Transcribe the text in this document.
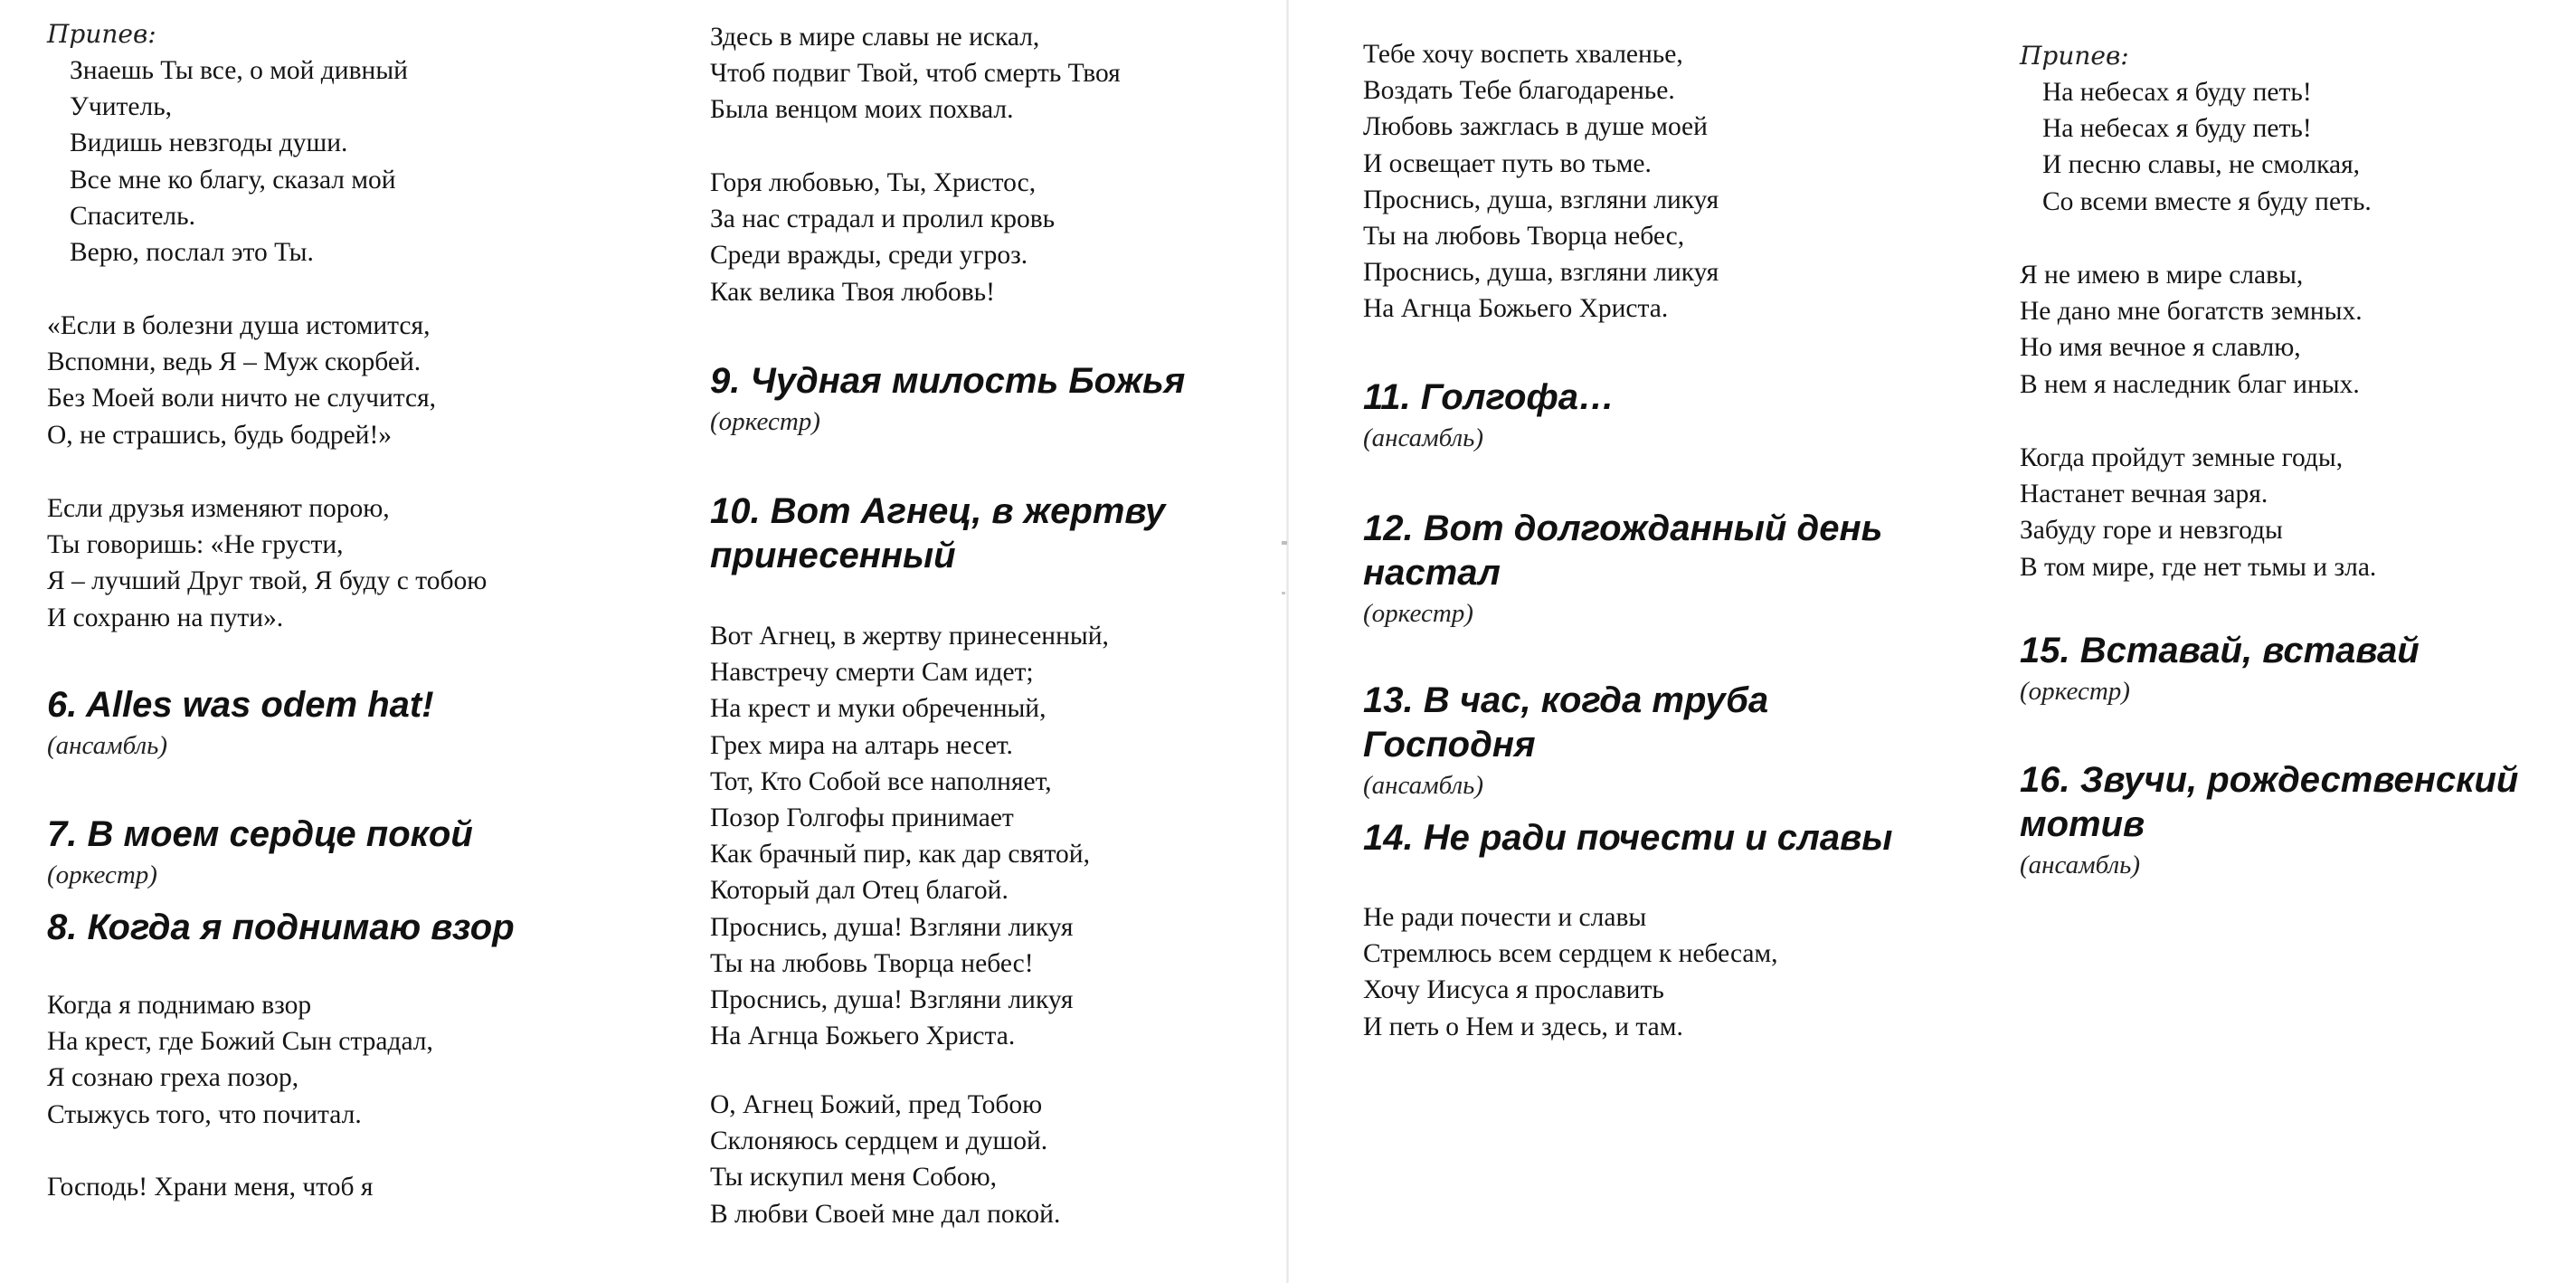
Припев:

Знаешь Ты все, о мой дивный

Учитель,

Видишь невзгоды души.

Все мне ко благу, сказал мой

Спаситель.

Верю, послал это Ты.

«Если в болезни душа истомится,

Вспомни, ведь Я – Муж скорбей.

Без Моей воли ничто не случится,

О, не страшись, будь бодрей!»

Если друзья изменяют порою,

Ты говоришь: «Не грусти,

Я – лучший Друг твой, Я буду с тобою

И сохраню на пути».

6. Alles was odem hat!

(ансамбль)

7. В моем сердце покой

(оркестр)

8. Когда я поднимаю взор

Когда я поднимаю взор

На крест, где Божий Сын страдал,

Я сознаю греха позор,

Стыжусь того, что почитал.

Господь! Храни меня, чтоб я

Здесь в мире славы не искал,

Чтоб подвиг Твой, чтоб смерть Твоя

Была венцом моих похвал.

Горя любовью, Ты, Христос,

За нас страдал и пролил кровь

Среди вражды, среди угроз.

Как велика Твоя любовь!

9. Чудная милость Божья

(оркестр)

10. Вот Агнец, в жертву

принесенный

Вот Агнец, в жертву принесенный,

Навстречу смерти Сам идет;

На крест и муки обреченный,

Грех мира на алтарь несет.

Тот, Кто Собой все наполняет,

Позор Голгофы принимает

Как брачный пир, как дар святой,

Который дал Отец благой.

Проснись, душа! Взгляни ликуя

Ты на любовь Творца небес!

Проснись, душа! Взгляни ликуя

На Агнца Божьего Христа.

О, Агнец Божий, пред Тобою

Склоняюсь сердцем и душой.

Ты искупил меня Собою,

В любви Своей мне дал покой.

Тебе хочу воспеть хваленье,

Воздать Тебе благодаренье.

Любовь зажглась в душе моей

И освещает путь во тьме.

Проснись, душа, взгляни ликуя

Ты на любовь Творца небес,

Проснись, душа, взгляни ликуя

На Агнца Божьего Христа.

11. Голгофа…

(ансамбль)

12. Вот долгожданный день

настал

(оркестр)

13. В час, когда труба

Господня

(ансамбль)

14. Не ради почести и славы

Не ради почести и славы

Стремлюсь всем сердцем к небесам,

Хочу Иисуса я прославить

И петь о Нем и здесь, и там.

Припев:

На небесах я буду петь!

На небесах я буду петь!

И песню славы, не смолкая,

Со всеми вместе я буду петь.

Я не имею в мире славы,

Не дано мне богатств земных.

Но имя вечное я славлю,

В нем я наследник благ иных.

Когда пройдут земные годы,

Настанет вечная заря.

Забуду горе и невзгоды

В том мире, где нет тьмы и зла.

15. Вставай, вставай

(оркестр)

16. Звучи, рождественский

мотив

(ансамбль)
